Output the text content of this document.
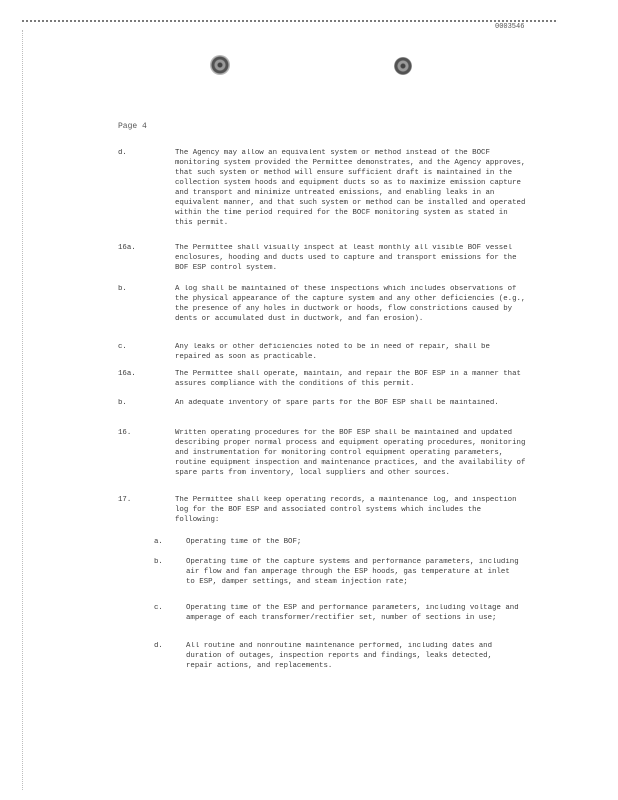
0003546
Page 4
d.	The Agency may allow an equivalent system or method instead of the BOCF monitoring system provided the Permittee demonstrates, and the Agency approves, that such system or method will ensure sufficient draft is maintained in the collection system hoods and equipment ducts so as to maximize emission capture and transport and minimize untreated emissions, and enabling leaks in an equivalent manner, and that such system or method can be installed and operated within the time period required for the BOCF monitoring system as stated in this permit.
16a.	The Permittee shall visually inspect at least monthly all visible BOF vessel enclosures, hooding and ducts used to capture and transport emissions for the BOF ESP control system.
b.	A log shall be maintained of these inspections which includes observations of the physical appearance of the capture system and any other deficiencies (e.g., the presence of any holes in ductwork or hoods, flow constrictions caused by dents or accumulated dust in ductwork, and fan erosion).
c.	Any leaks or other deficiencies noted to be in need of repair, shall be repaired as soon as practicable.
16a.	The Permittee shall operate, maintain, and repair the BOF ESP in a manner that assures compliance with the conditions of this permit.
b.	An adequate inventory of spare parts for the BOF ESP shall be maintained.
16.	Written operating procedures for the BOF ESP shall be maintained and updated describing proper normal process and equipment operating procedures, monitoring and instrumentation for monitoring control equipment operating parameters, routine equipment inspection and maintenance practices, and the availability of spare parts from inventory, local suppliers and other sources.
17.	The Permittee shall keep operating records, a maintenance log, and inspection log for the BOF ESP and associated control systems which includes the following:
a.	Operating time of the BOF;
b.	Operating time of the capture systems and performance parameters, including air flow and fan amperage through the ESP hoods, gas temperature at inlet to ESP, damper settings, and steam injection rate;
c.	Operating time of the ESP and performance parameters, including voltage and amperage of each transformer/rectifier set, number of sections in use;
d.	All routine and nonroutine maintenance performed, including dates and duration of outages, inspection reports and findings, leaks detected, repair actions, and replacements.
